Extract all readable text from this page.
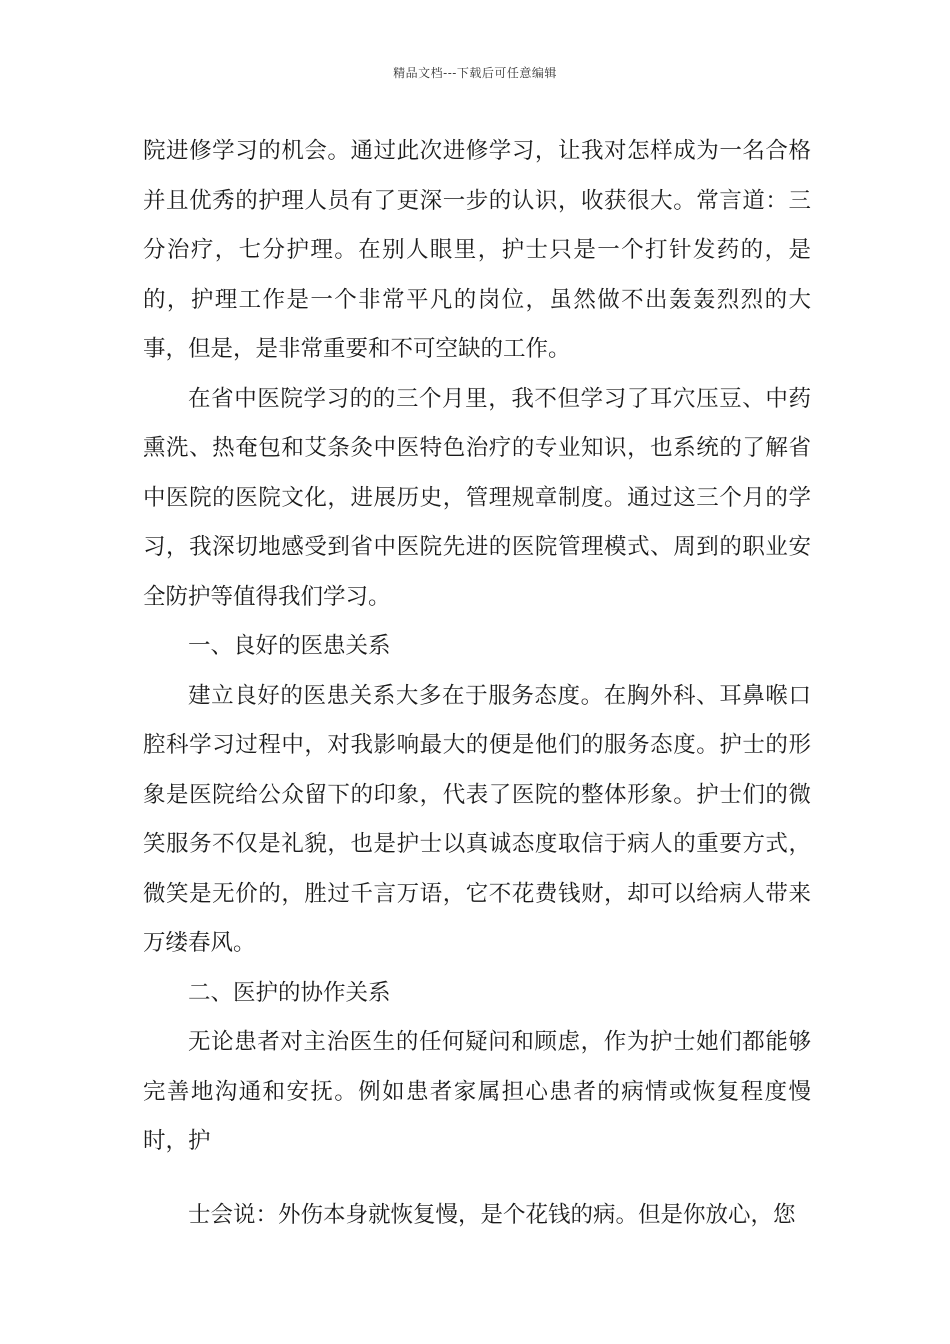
精品文档---下载后可任意编辑

院进修学习的机会。通过此次进修学习，让我对怎样成为一名合格并且优秀的护理人员有了更深一步的认识，收获很大。常言道：三分治疗，七分护理。在别人眼里，护士只是一个打针发药的，是的，护理工作是一个非常平凡的岗位，虽然做不出轰轰烈烈的大事，但是，是非常重要和不可空缺的工作。

在省中医院学习的的三个月里，我不但学习了耳穴压豆、中药熏洗、热奄包和艾条灸中医特色治疗的专业知识，也系统的了解省中医院的医院文化，进展历史，管理规章制度。通过这三个月的学习，我深切地感受到省中医院先进的医院管理模式、周到的职业安全防护等值得我们学习。

一、良好的医患关系

建立良好的医患关系大多在于服务态度。在胸外科、耳鼻喉口腔科学习过程中，对我影响最大的便是他们的服务态度。护士的形象是医院给公众留下的印象，代表了医院的整体形象。护士们的微笑服务不仅是礼貌，也是护士以真诚态度取信于病人的重要方式，微笑是无价的，胜过千言万语，它不花费钱财，却可以给病人带来万缕春风。

二、医护的协作关系

无论患者对主治医生的任何疑问和顾虑，作为护士她们都能够完善地沟通和安抚。例如患者家属担心患者的病情或恢复程度慢时，护

士会说：外伤本身就恢复慢，是个花钱的病。但是你放心，您
